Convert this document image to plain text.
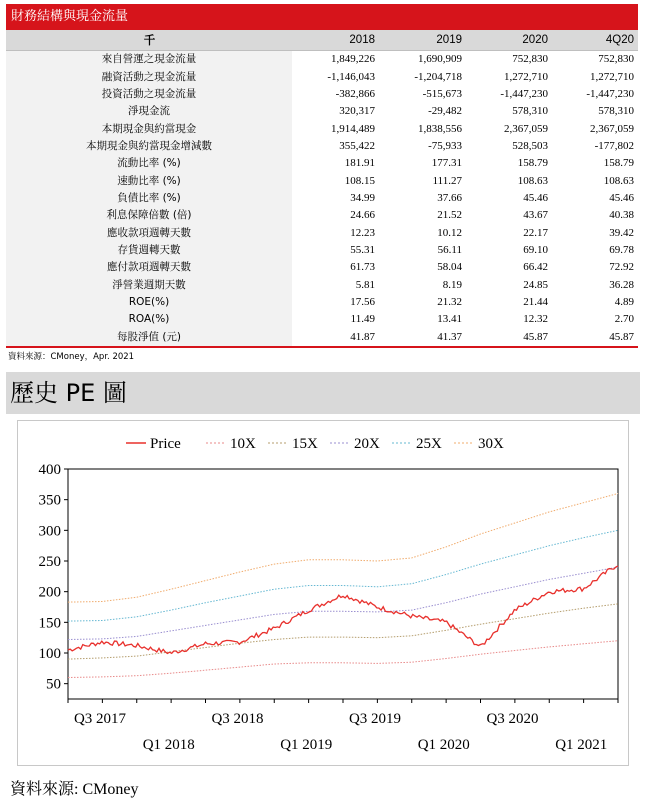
財務結構與現金流量
千	2018	2019	2020	4Q20
來自營運之現金流量	1,849,226	1,690,909	752,830	752,830
融資活動之現金流量	-1,146,043	-1,204,718	1,272,710	1,272,710
投資活動之現金流量	-382,866	-515,673	-1,447,230	-1,447,230
淨現金流	320,317	-29,482	578,310	578,310
本期現金與約當現金	1,914,489	1,838,556	2,367,059	2,367,059
本期現金與約當現金增減數	355,422	-75,933	528,503	-177,802
流動比率 (%)	181.91	177.31	158.79	158.79
速動比率 (%)	108.15	111.27	108.63	108.63
負債比率 (%)	34.99	37.66	45.46	45.46
利息保障倍數 (倍)	24.66	21.52	43.67	40.38
應收款項週轉天數	12.23	10.12	22.17	39.42
存貨週轉天數	55.31	56.11	69.10	69.78
應付款項週轉天數	61.73	58.04	66.42	72.92
淨營業週期天數	5.81	8.19	24.85	36.28
ROE(%)	17.56	21.32	21.44	4.89
ROA(%)	11.49	13.41	12.32	2.70
每股淨值 (元)	41.87	41.37	45.87	45.87
資料來源：CMoney，Apr. 2021
歷史 PE 圖
50
100
150
200
250
300
350
400
Q3 2017	Q3 2018	Q3 2019	Q3 2020
Q1 2018	Q1 2019	Q1 2020	Q1 2021
Price	10X 15X 20X 25X 30X
資料來源: CMoney
